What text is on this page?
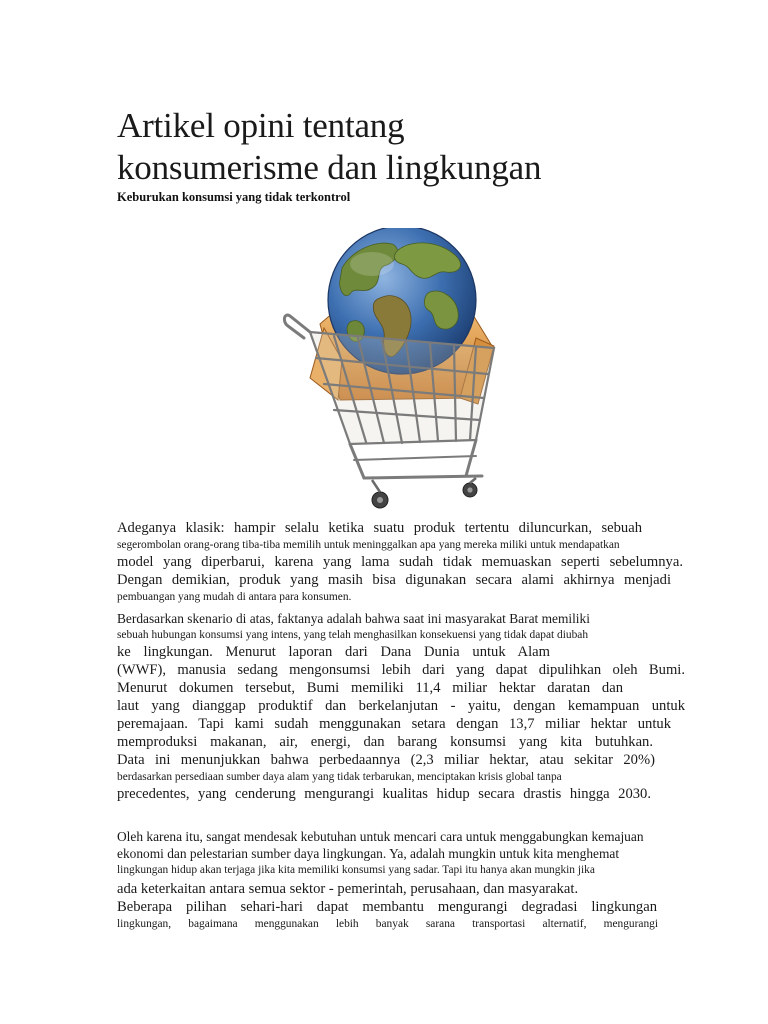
Artikel opini tentang
konsumerisme dan lingkungan

Keburukan konsumsi yang tidak terkontrol

Adeganya klasik: hampir selalu ketika suatu produk tertentu diluncurkan, sebuah
segerombolan orang-orang tiba-tiba memilih untuk meninggalkan apa yang mereka miliki untuk mendapatkan
model yang diperbarui, karena yang lama sudah tidak memuaskan seperti sebelumnya.
Dengan demikian, produk yang masih bisa digunakan secara alami akhirnya menjadi
pembuangan yang mudah di antara para konsumen.
Berdasarkan skenario di atas, faktanya adalah bahwa saat ini masyarakat Barat memiliki
sebuah hubungan konsumsi yang intens, yang telah menghasilkan konsekuensi yang tidak dapat diubah
ke lingkungan. Menurut laporan dari Dana Dunia untuk Alam
(WWF), manusia sedang mengonsumsi lebih dari yang dapat dipulihkan oleh Bumi.
Menurut dokumen tersebut, Bumi memiliki 11,4 miliar hektar daratan dan
laut yang dianggap produktif dan berkelanjutan - yaitu, dengan kemampuan untuk
peremajaan. Tapi kami sudah menggunakan setara dengan 13,7 miliar hektar untuk
memproduksi makanan, air, energi, dan barang konsumsi yang kita butuhkan.
Data ini menunjukkan bahwa perbedaannya (2,3 miliar hektar, atau sekitar 20%)
berdasarkan persediaan sumber daya alam yang tidak terbarukan, menciptakan krisis global tanpa
precedentes, yang cenderung mengurangi kualitas hidup secara drastis hingga 2030.
Oleh karena itu, sangat mendesak kebutuhan untuk mencari cara untuk menggabungkan kemajuan
ekonomi dan pelestarian sumber daya lingkungan. Ya, adalah mungkin untuk kita menghemat
lingkungan hidup akan terjaga jika kita memiliki konsumsi yang sadar. Tapi itu hanya akan mungkin jika
ada keterkaitan antara semua sektor - pemerintah, perusahaan, dan masyarakat.
Beberapa pilihan sehari-hari dapat membantu mengurangi degradasi lingkungan
lingkungan, bagaimana menggunakan lebih banyak sarana transportasi alternatif, mengurangi
